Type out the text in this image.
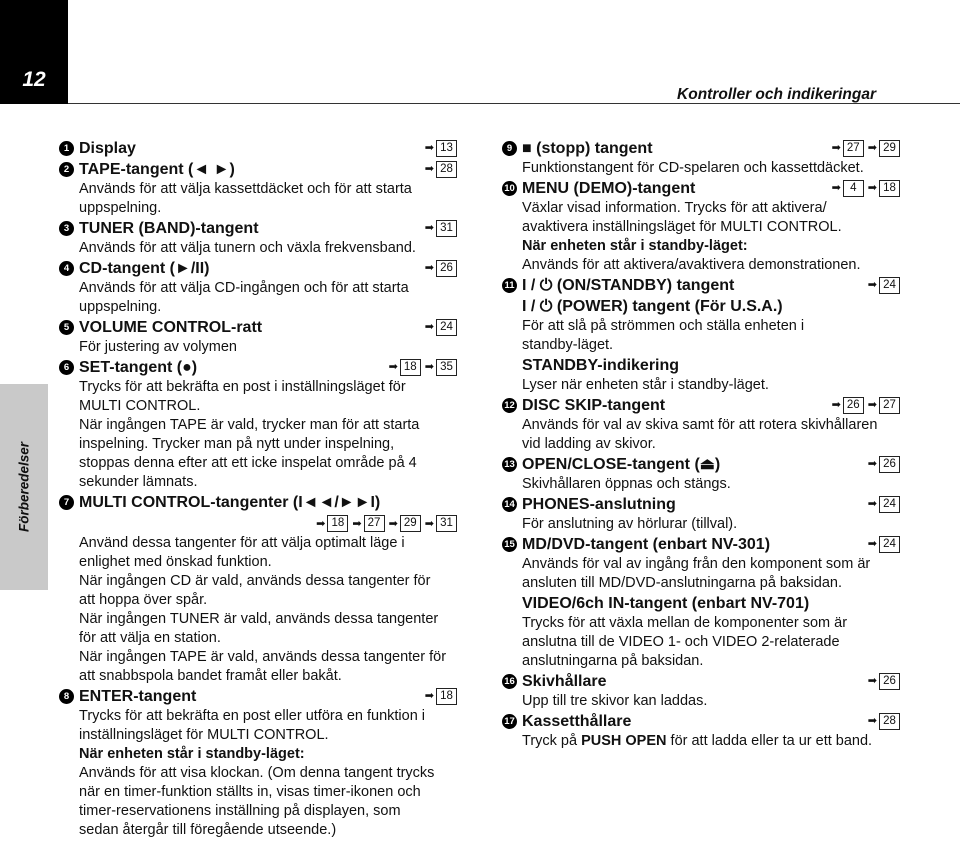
12
Kontroller och indikeringar
Förberedelser
1 Display	➡ 13
2 TAPE-tangent (◄ ►)	➡ 28
Används för att välja kassettdäcket och för att starta
uppspelning.
3 TUNER (BAND)-tangent	➡ 31
Används för att välja tunern och växla frekvensband.
4 CD-tangent (►/II)	➡ 26
Används för att välja CD-ingången och för att starta
uppspelning.
5 VOLUME CONTROL-ratt	➡ 24
För justering av volymen
6 SET-tangent (●)	➡ 18 ➡ 35
Trycks för att bekräfta en post i inställningsläget för
MULTI CONTROL.
När ingången TAPE är vald, trycker man för att starta
inspelning. Trycker man på nytt under inspelning,
stoppas denna efter att ett icke inspelat område på 4
sekunder lämnats.
7 MULTI CONTROL-tangenter (I◄◄/►►I)
➡ 18 ➡ 27 ➡ 29 ➡ 31
Använd dessa tangenter för att välja optimalt läge i
enlighet med önskad funktion.
När ingången CD är vald, används dessa tangenter för
att hoppa över spår.
När ingången TUNER är vald, används dessa tangenter
för att välja en station.
När ingången TAPE är vald, används dessa tangenter för
att snabbspola bandet framåt eller bakåt.
8 ENTER-tangent	➡ 18
Trycks för att bekräfta en post eller utföra en funktion i
inställningsläget för MULTI CONTROL.
När enheten står i standby-läget:
Används för att visa klockan. (Om denna tangent trycks
när en timer-funktion ställts in, visas timer-ikonen och
timer-reservationens inställning på displayen, som
sedan återgår till föregående utseende.)
9 ■ (stopp) tangent	➡ 27 ➡ 29
Funktionstangent för CD-spelaren och kassettdäcket.
10 MENU (DEMO)-tangent	➡ 4	➡ 18
Växlar visad information. Trycks för att aktivera/
avaktivera inställningsläget för MULTI CONTROL.
När enheten står i standby-läget:
Används för att aktivera/avaktivera demonstrationen.
11 I / ⏻ (ON/STANDBY) tangent	➡ 24
I / ⏻ (POWER) tangent (För U.S.A.)
För att slå på strömmen och ställa enheten i
standby-läget.
STANDBY-indikering
Lyser när enheten står i standby-läget.
12 DISC SKIP-tangent	➡ 26 ➡ 27
Används för val av skiva samt för att rotera skivhållaren
vid ladding av skivor.
13 OPEN/CLOSE-tangent (⏏)	➡ 26
Skivhållaren öppnas och stängs.
14 PHONES-anslutning	➡ 24
För anslutning av hörlurar (tillval).
15 MD/DVD-tangent (enbart NV-301)	➡ 24
Används för val av ingång från den komponent som är
ansluten till MD/DVD-anslutningarna på baksidan.
VIDEO/6ch IN-tangent (enbart NV-701)
Trycks för att växla mellan de komponenter som är
anslutna till de VIDEO 1- och VIDEO 2-relaterade
anslutningarna på baksidan.
16 Skivhållare	➡ 26
Upp till tre skivor kan laddas.
17 Kassetthållare	➡ 28
Tryck på PUSH OPEN för att ladda eller ta ur ett band.
